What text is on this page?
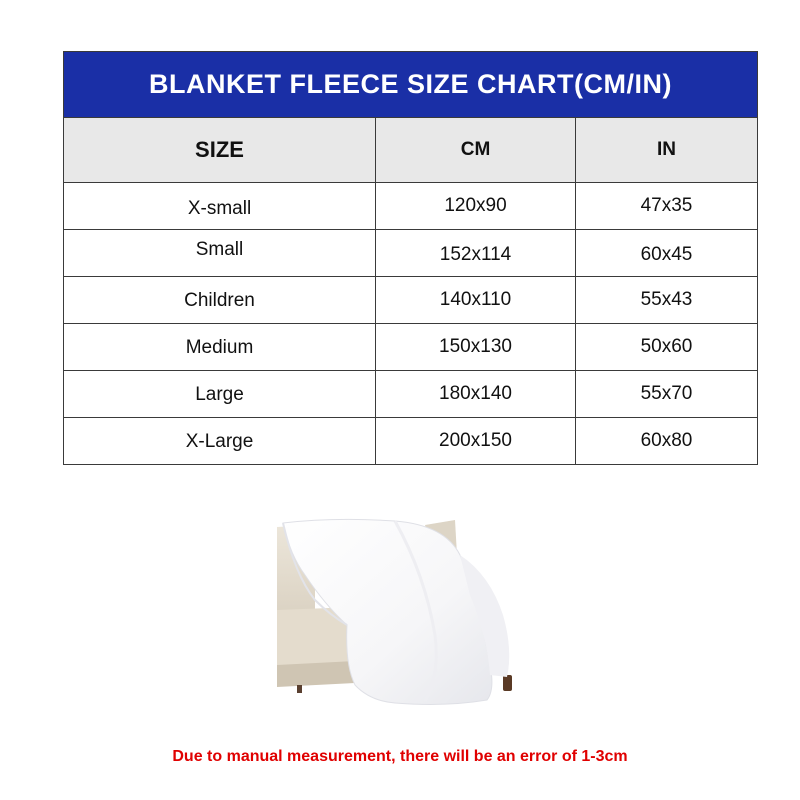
BLANKET FLEECE SIZE CHART(CM/IN)
SIZE	CM	IN
X-small	120x90	47x35
Small	152x114	60x45
Children	140x110	55x43
Medium	150x130	50x60
Large	180x140	55x70
X-Large	200x150	60x80
Due to manual measurement, there will be an error of 1-3cm
